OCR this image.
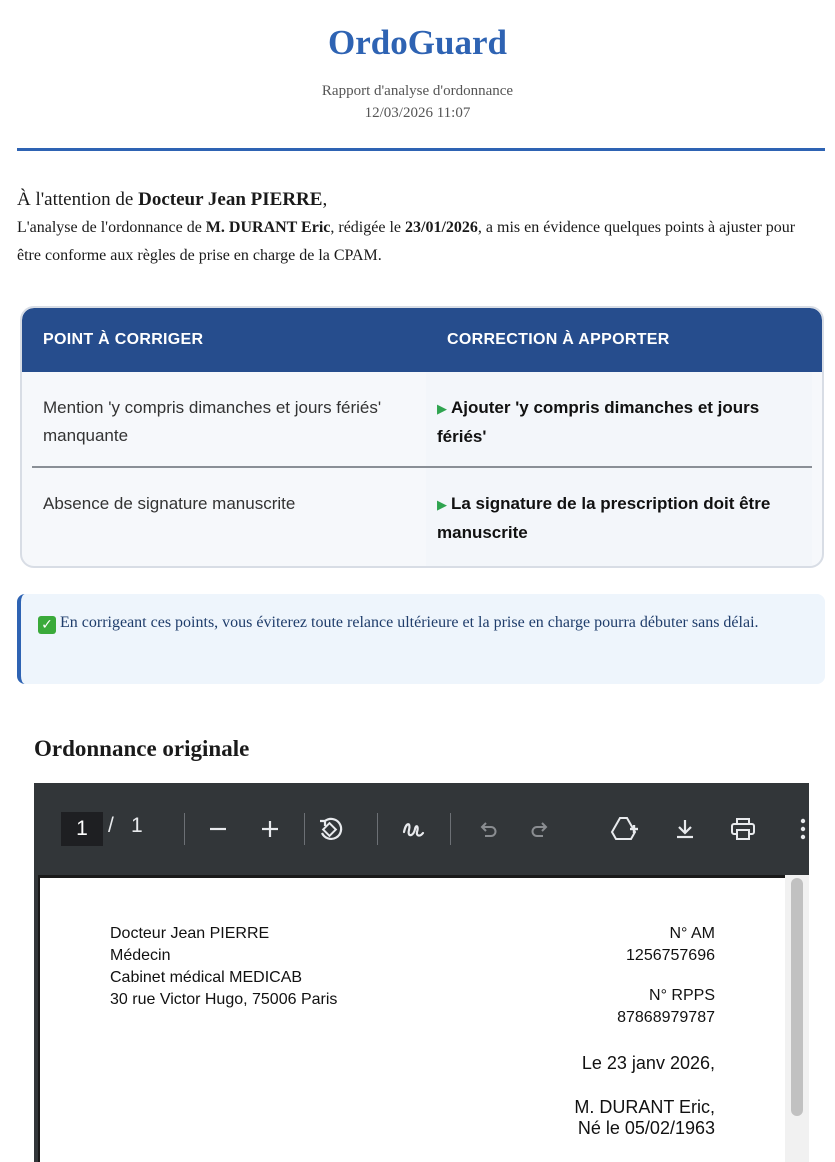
OrdoGuard
Rapport d'analyse d'ordonnance
12/03/2026 11:07
À l'attention de Docteur Jean PIERRE,
L'analyse de l'ordonnance de M. DURANT Eric, rédigée le 23/01/2026, a mis en évidence quelques points à ajuster pour être conforme aux règles de prise en charge de la CPAM.
POINT À CORRIGER	CORRECTION À APPORTER
Mention 'y compris dimanches et jours fériés' manquante
▶ Ajouter 'y compris dimanches et jours fériés'
Absence de signature manuscrite	▶ La signature de la prescription doit être manuscrite
✓ En corrigeant ces points, vous éviterez toute relance ultérieure et la prise en charge pourra débuter sans délai.
Ordonnance originale
1 / 1
Docteur Jean PIERRE
Médecin
Cabinet médical MEDICAB
30 rue Victor Hugo, 75006 Paris
N° AM
1256757696
N° RPPS
87868979787
Le 23 janv 2026,
M. DURANT Eric,
Né le 05/02/1963
